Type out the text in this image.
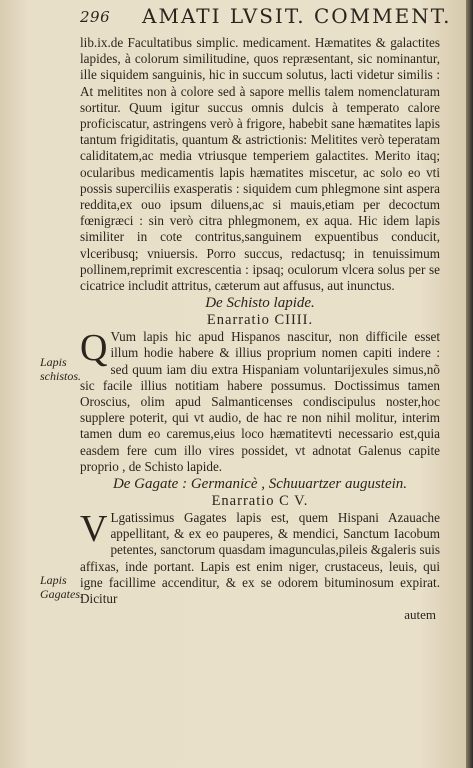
296 AMATI LVSIT. COMMENT.
Lapis schistos.
Lapis Gagates.

lib.ix.de Facultatibus simplic. medicament. Hæmatites & galactites lapides, à colorum similitudine, quos repræsentant, sic nominantur, ille siquidem sanguinis, hic in succum solutus, lacti videtur similis : At melitites non à colore sed à sapore mellis talem nomenclaturam sortitur. Quum igitur succus omnis dulcis à temperato calore proficiscatur, astringens verò à frigore, habebit sane hæmatites lapis tantum frigiditatis, quantum & astrictionis: Melitites verò teperatam caliditatem,ac media vtriusque temperiem galactites. Merito itaq; ocularibus medicamentis lapis hæmatites miscetur, ac solo eo vti possis superciliis exasperatis : siquidem cum phlegmone sint aspera reddita,ex ouo ipsum diluens,ac si mauis,etiam per decoctum fœnigræci : sin verò citra phlegmonem, ex aqua. Hic idem lapis similiter in cote contritus,sanguinem expuentibus conducit, vlceribusq; vniuersis. Porro succus, redactusq; in tenuissimum pollinem,reprimit excrescentia : ipsaq; oculorum vlcera solus per se cicatrice includit attritus, cæterum aut affusus, aut inunctus.

De Schisto lapide.

Enarratio CIIII.

Q Vum lapis hic apud Hispanos nascitur, non difficile esset illum hodie habere & illius proprium nomen capiti indere : sed quum iam diu extra Hispaniam voluntarijexules simus,nõ sic facile illius notitiam habere possumus. Doctissimus tamen Oroscius, olim apud Salmanticenses condiscipulus noster,hoc supplere poterit, qui vt audio, de hac re non nihil molitur, interim tamen dum eo caremus,eius loco hæmatitevti necessario est,quia easdem fere cum illo vires possidet, vt adnotat Galenus capite proprio , de Schisto lapide.

De Gagate : Germanicè , Schuuartzer augustein.

Enarratio C V.

V Lgatissimus Gagates lapis est, quem Hispani Azauache appellitant, & ex eo pauperes, & mendici, Sanctum Iacobum petentes, sanctorum quasdam imagunculas,pileis &galeris suis affixas, inde portant. Lapis est enim niger, crustaceus, leuis, qui igne facillime accenditur, & ex se odorem bituminosum expirat. Dicitur

autem
